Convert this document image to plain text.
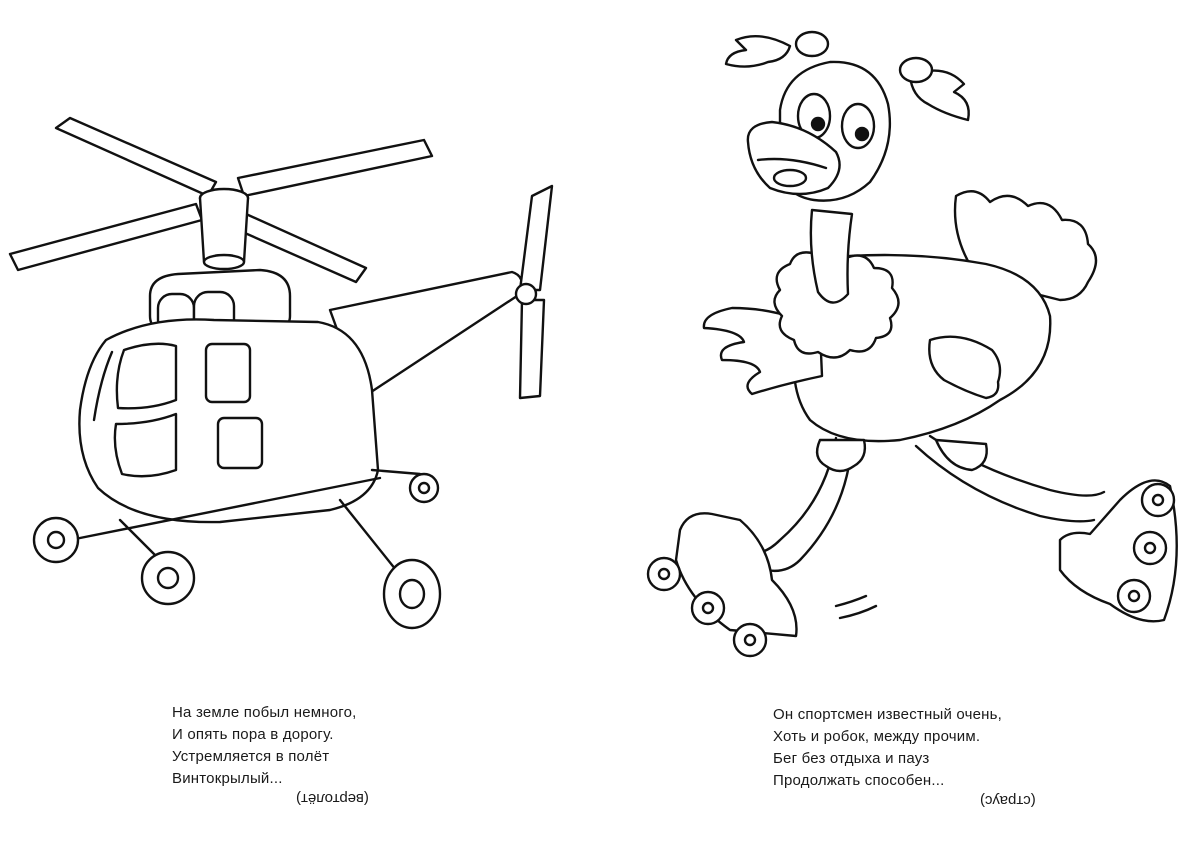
На земле побыл немного,
И опять пора в дорогу.
Устремляется в полёт
Винтокрылый...
(вертолёт)
Он спортсмен известный очень,
Хоть и робок, между прочим.
Бег без отдыха и пауз
Продолжать способен...
(страус)
